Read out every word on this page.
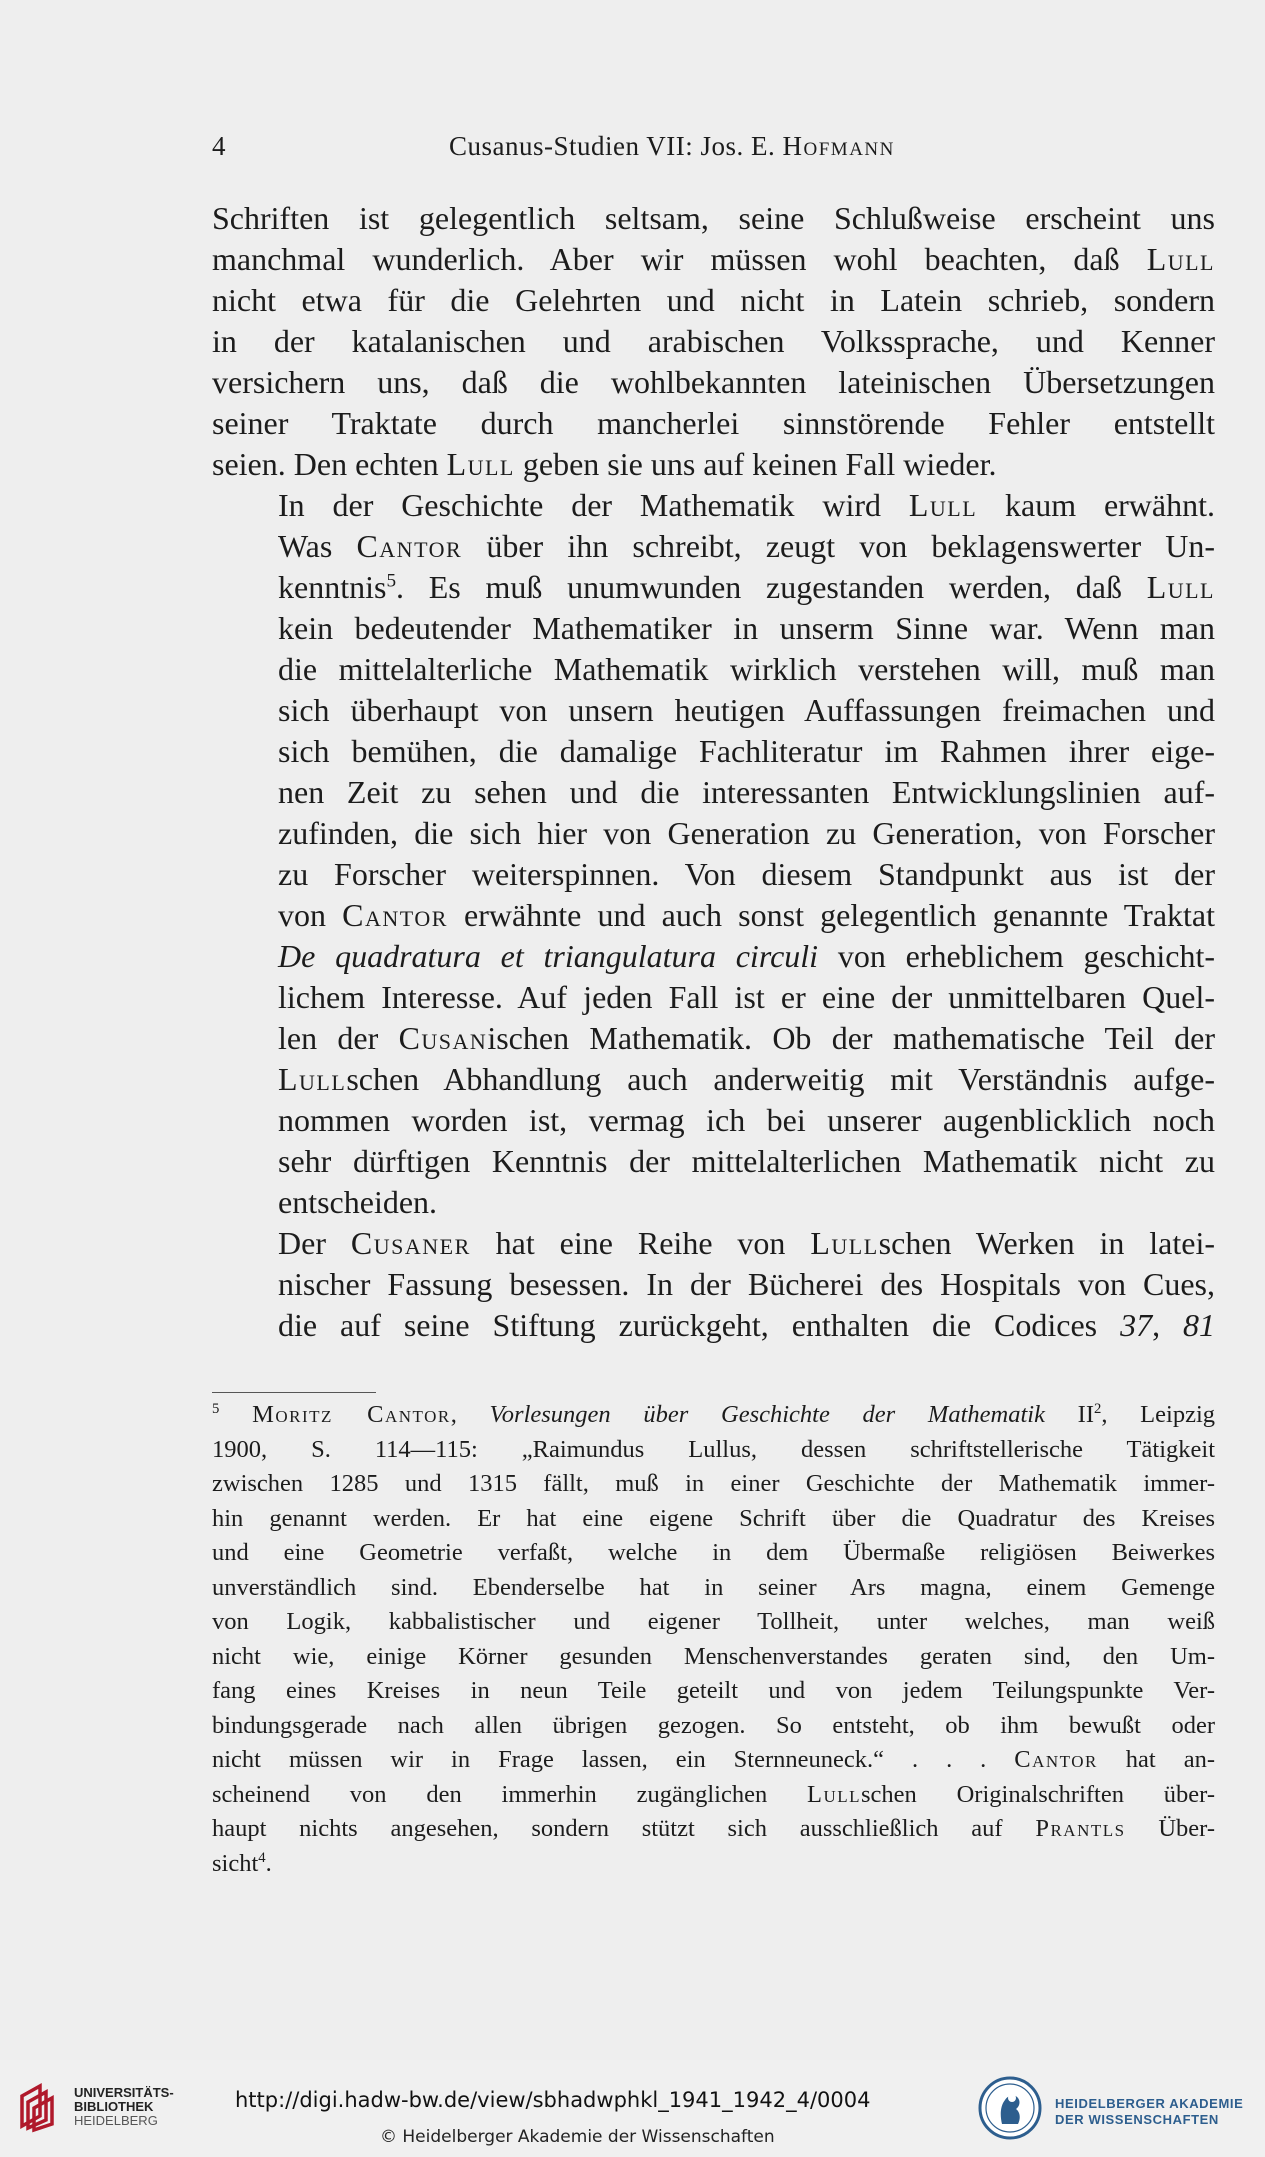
4	Cusanus-Studien VII: Jos. E. Hofmann

Schriften ist gelegentlich seltsam, seine Schlußweise erscheint uns
manchmal wunderlich. Aber wir müssen wohl beachten, daß Lull
nicht etwa für die Gelehrten und nicht in Latein schrieb, sondern
in der katalanischen und arabischen Volkssprache, und Kenner
versichern uns, daß die wohlbekannten lateinischen Übersetzungen
seiner Traktate durch mancherlei sinnstörende Fehler entstellt
seien. Den echten Lull geben sie uns auf keinen Fall wieder.

In der Geschichte der Mathematik wird Lull kaum erwähnt.
Was Cantor über ihn schreibt, zeugt von beklagenswerter Un-
kenntnis$^5$. Es muß unumwunden zugestanden werden, daß Lull
kein bedeutender Mathematiker in unserm Sinne war. Wenn man
die mittelalterliche Mathematik wirklich verstehen will, muß man
sich überhaupt von unsern heutigen Auffassungen freimachen und
sich bemühen, die damalige Fachliteratur im Rahmen ihrer eige-
nen Zeit zu sehen und die interessanten Entwicklungslinien auf-
zufinden, die sich hier von Generation zu Generation, von Forscher
zu Forscher weiterspinnen. Von diesem Standpunkt aus ist der
von Cantor erwähnte und auch sonst gelegentlich genannte Traktat
De quadratura et triangulatura circuli von erheblichem geschicht-
lichem Interesse. Auf jeden Fall ist er eine der unmittelbaren Quel-
len der Cusanischen Mathematik. Ob der mathematische Teil der
Lullschen Abhandlung auch anderweitig mit Verständnis aufge-
nommen worden ist, vermag ich bei unserer augenblicklich noch
sehr dürftigen Kenntnis der mittelalterlichen Mathematik nicht zu
entscheiden.

Der Cusaner hat eine Reihe von Lullschen Werken in latei-
nischer Fassung besessen. In der Bücherei des Hospitals von Cues,
die auf seine Stiftung zurückgeht, enthalten die Codices 37, 81

$^5$ Moritz Cantor, Vorlesungen über Geschichte der Mathematik $II^2$, Leipzig
1900, S. 114—115: „Raimundus Lullus, dessen schriftstellerische Tätigkeit
zwischen 1285 und 1315 fällt, muß in einer Geschichte der Mathematik immer-
hin genannt werden. Er hat eine eigene Schrift über die Quadratur des Kreises
und eine Geometrie verfaßt, welche in dem Übermaße religiösen Beiwerkes
unverständlich sind. Ebenderselbe hat in seiner Ars magna, einem Gemenge
von Logik, kabbalistischer und eigener Tollheit, unter welches, man weiß
nicht wie, einige Körner gesunden Menschenverstandes geraten sind, den Um-
fang eines Kreises in neun Teile geteilt und von jedem Teilungspunkte Ver-
bindungsgerade nach allen übrigen gezogen. So entsteht, ob ihm bewußt oder
nicht müssen wir in Frage lassen, ein Sternneuneck.“ . . . Cantor hat an-
scheinend von den immerhin zugänglichen Lullschen Originalschriften über-
haupt nichts angesehen, sondern stützt sich ausschließlich auf Prantls Über-
sicht$^4$.

UNIVERSITÄTS-
BIBLIOTHEK
HEIDELBERG
http://digi.hadw-bw.de/view/sbhadwphkl_1941_1942_4/0004
© Heidelberger Akademie der Wissenschaften
HEIDELBERGER AKADEMIE
DER WISSENSCHAFTEN
